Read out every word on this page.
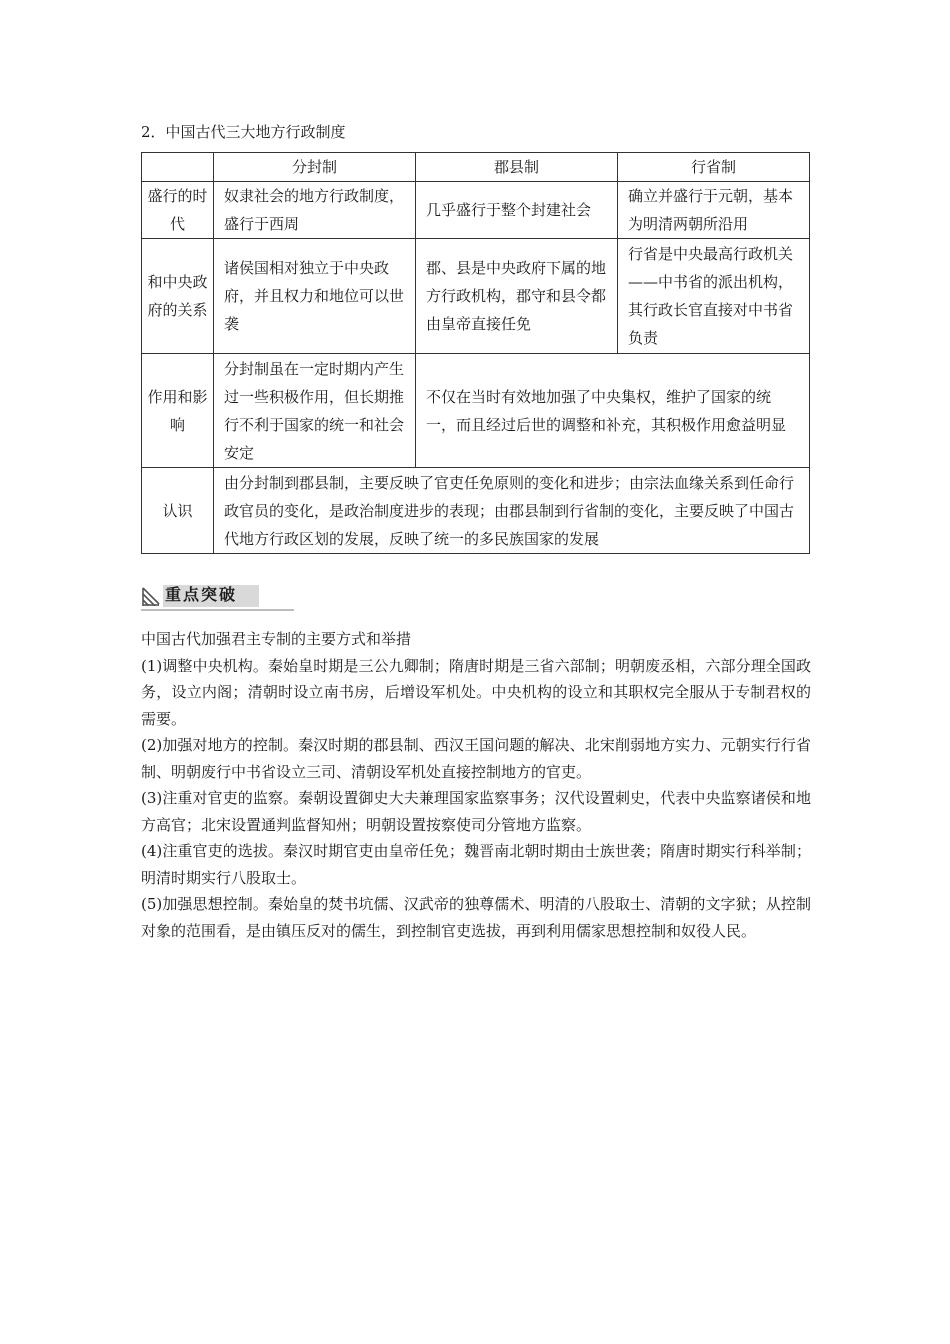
2．中国古代三大地方行政制度
	分封制	郡县制	行省制
盛行的时代	奴隶社会的地方行政制度，盛行于西周	几乎盛行于整个封建社会	确立并盛行于元朝，基本为明清两朝所沿用
和中央政府的关系	诸侯国相对独立于中央政府，并且权力和地位可以世袭	郡、县是中央政府下属的地方行政机构，郡守和县令都由皇帝直接任免	行省是中央最高行政机关——中书省的派出机构，其行政长官直接对中书省负责
作用和影响	分封制虽在一定时期内产生过一些积极作用，但长期推行不利于国家的统一和社会安定	不仅在当时有效地加强了中央集权，维护了国家的统一，而且经过后世的调整和补充，其积极作用愈益明显	
认识	由分封制到郡县制，主要反映了官吏任免原则的变化和进步；由宗法血缘关系到任命行政官员的变化，是政治制度进步的表现；由郡县制到行省制的变化，主要反映了中国古代地方行政区划的发展，反映了统一的多民族国家的发展		
重点突破

中国古代加强君主专制的主要方式和举措

(1)调整中央机构。秦始皇时期是三公九卿制；隋唐时期是三省六部制；明朝废丞相，六部分理全国政务，设立内阁；清朝时设立南书房，后增设军机处。中央机构的设立和其职权完全服从于专制君权的需要。

(2)加强对地方的控制。秦汉时期的郡县制、西汉王国问题的解决、北宋削弱地方实力、元朝实行行省制、明朝废行中书省设立三司、清朝设军机处直接控制地方的官吏。

(3)注重对官吏的监察。秦朝设置御史大夫兼理国家监察事务；汉代设置刺史，代表中央监察诸侯和地方高官；北宋设置通判监督知州；明朝设置按察使司分管地方监察。

(4)注重官吏的选拔。秦汉时期官吏由皇帝任免；魏晋南北朝时期由士族世袭；隋唐时期实行科举制；明清时期实行八股取士。

(5)加强思想控制。秦始皇的焚书坑儒、汉武帝的独尊儒术、明清的八股取士、清朝的文字狱；从控制对象的范围看，是由镇压反对的儒生，到控制官吏选拔，再到利用儒家思想控制和奴役人民。
